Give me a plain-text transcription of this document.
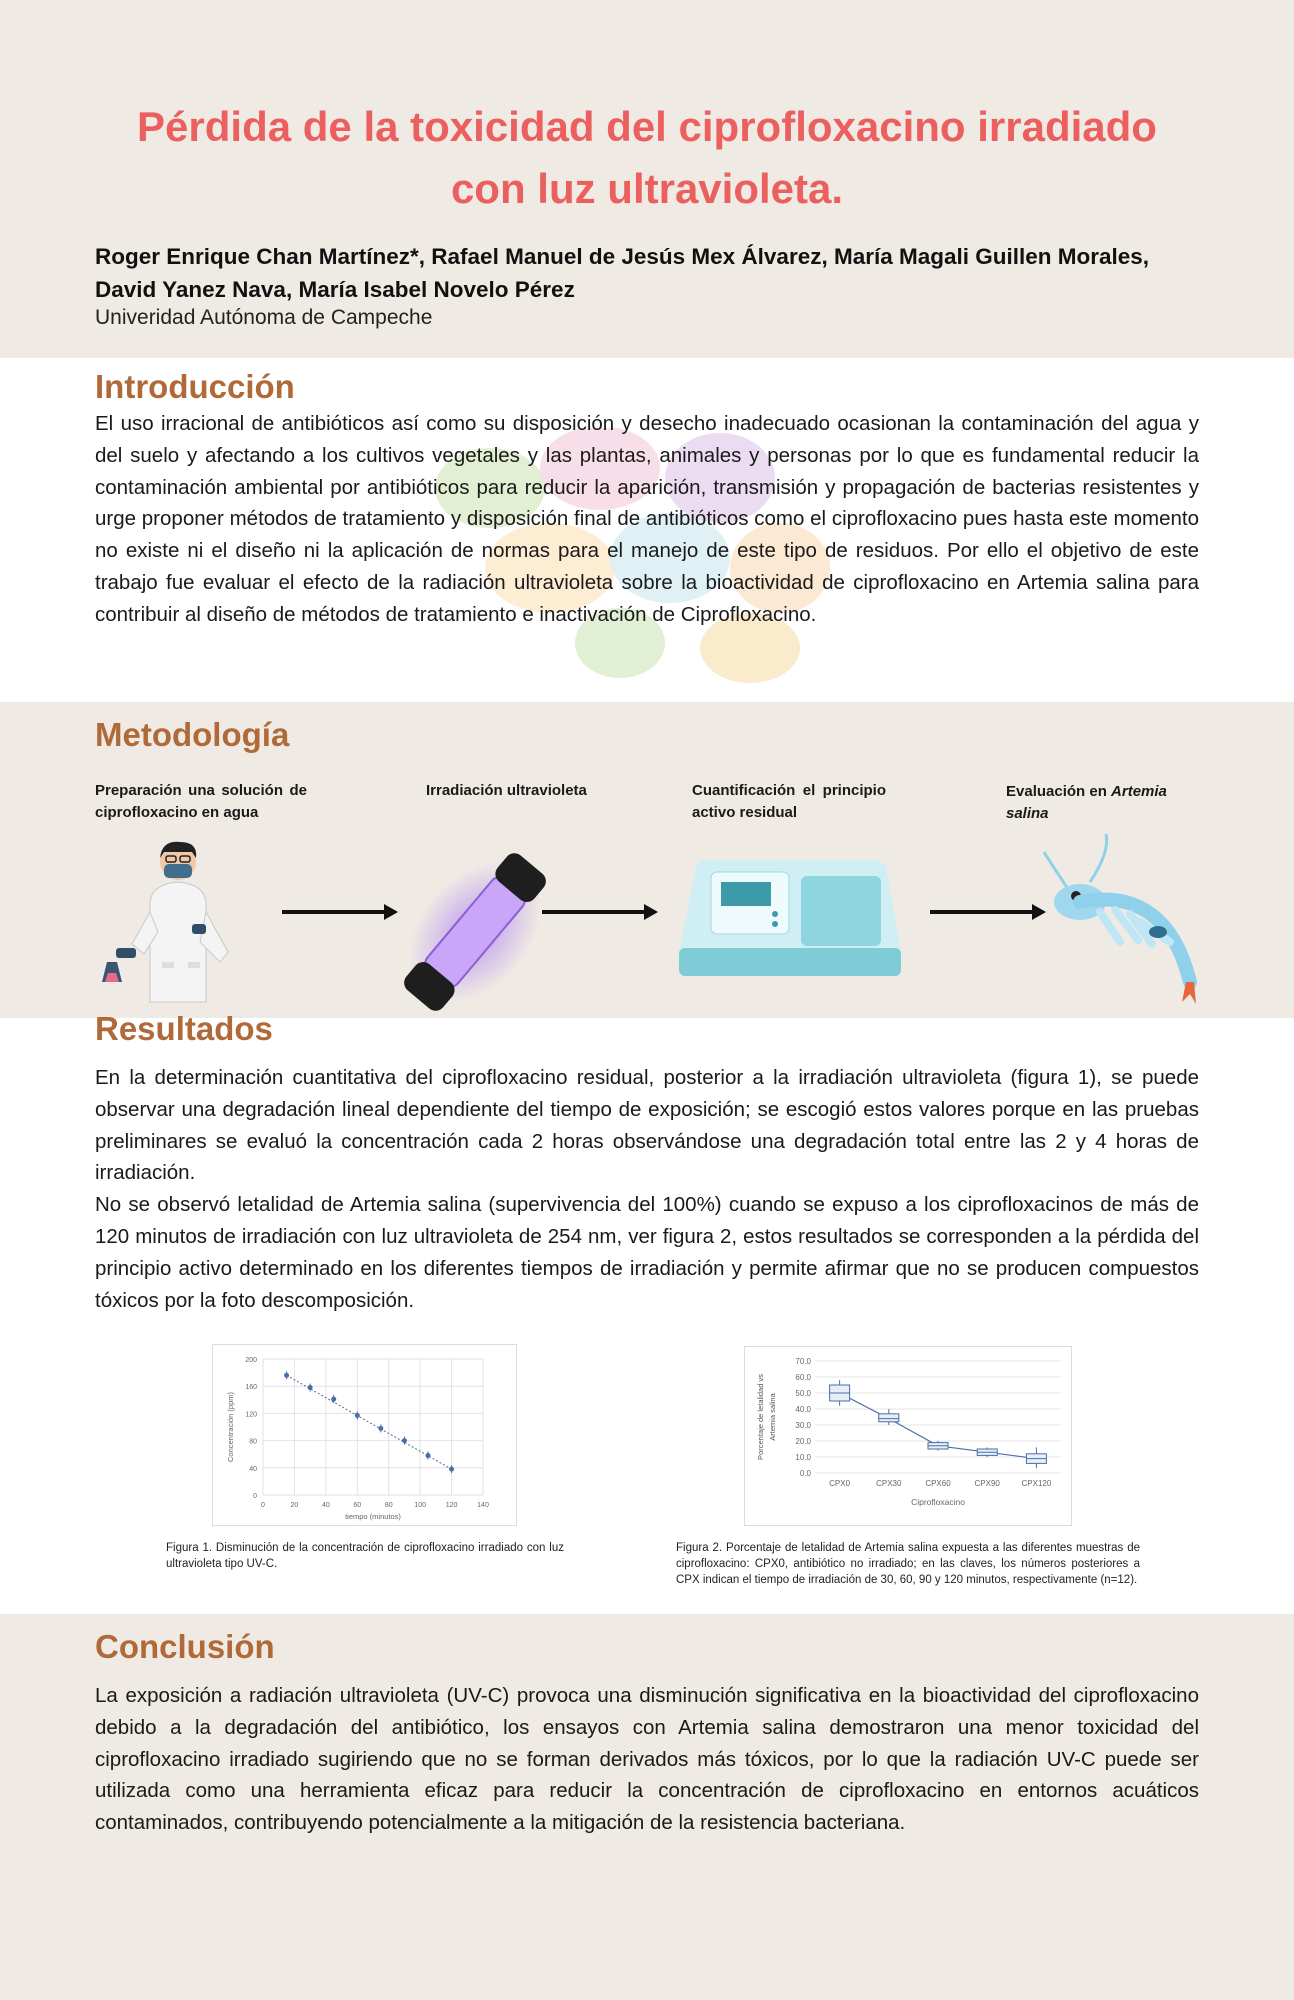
Pérdida de la toxicidad del ciprofloxacino irradiado
con luz ultravioleta.
Roger Enrique Chan Martínez*, Rafael Manuel de Jesús Mex Álvarez, María Magali Guillen Morales, David Yanez Nava, María Isabel Novelo Pérez
Univeridad Autónoma de Campeche
Introducción

El uso irracional de antibióticos así como su disposición y desecho inadecuado ocasionan la contaminación del agua y del suelo y afectando a los cultivos vegetales y las plantas, animales y personas por lo que es fundamental reducir la contaminación ambiental por antibióticos para reducir la aparición, transmisión y propagación de bacterias resistentes y urge proponer métodos de tratamiento y disposición final de antibióticos como el ciprofloxacino pues hasta este momento no existe ni el diseño ni la aplicación de normas para el manejo de este tipo de residuos. Por ello el objetivo de este trabajo fue evaluar el efecto de la radiación ultravioleta sobre la bioactividad de ciprofloxacino en Artemia salina para contribuir al diseño de métodos de tratamiento e inactivación de Ciprofloxacino.

Metodología
Preparación una solución de ciprofloxacino en agua
Irradiación ultravioleta	Cuantificación el principio activo residual
Evaluación en Artemia salina
Resultados

En la determinación cuantitativa del ciprofloxacino residual, posterior a la irradiación ultravioleta (figura 1), se puede observar una degradación lineal dependiente del tiempo de exposición; se escogió estos valores porque en las pruebas preliminares se evaluó la concentración cada 2 horas observándose una degradación total entre las 2 y 4 horas de irradiación.

No se observó letalidad de Artemia salina (supervivencia del 100%) cuando se expuso a los ciprofloxacinos de más de 120 minutos de irradiación con luz ultravioleta de 254 nm, ver figura 2, estos resultados se corresponden a la pérdida del principio activo determinado en los diferentes tiempos de irradiación y permite afirmar que no se producen compuestos tóxicos por la foto descomposición.

0
40
80
120
160
200
0	20	40	60	80	100	120	140
tiempo (minutos)
Concentración (ppm)
0.0
10.0
20.0
30.0
40.0
50.0
60.0
70.0
CPX0	CPX30	CPX60	CPX90	CPX120
Ciprofloxacino
Porcentaje de letalidad vs Artemia salina

Figura 1. Disminución de la concentración de ciprofloxacino irradiado con luz ultravioleta tipo UV-C.

Figura 2. Porcentaje de letalidad de Artemia salina expuesta a las diferentes muestras de ciprofloxacino: CPX0, antibiótico no irradiado; en las claves, los números posteriores a CPX indican el tiempo de irradiación de 30, 60, 90 y 120 minutos, respectivamente (n=12).

Conclusión

La exposición a radiación ultravioleta (UV-C) provoca una disminución significativa en la bioactividad del ciprofloxacino debido a la degradación del antibiótico, los ensayos con Artemia salina demostraron una menor toxicidad del ciprofloxacino irradiado sugiriendo que no se forman derivados más tóxicos, por lo que la radiación UV-C puede ser utilizada como una herramienta eficaz para reducir la concentración de ciprofloxacino en entornos acuáticos contaminados, contribuyendo potencialmente a la mitigación de la resistencia bacteriana.
